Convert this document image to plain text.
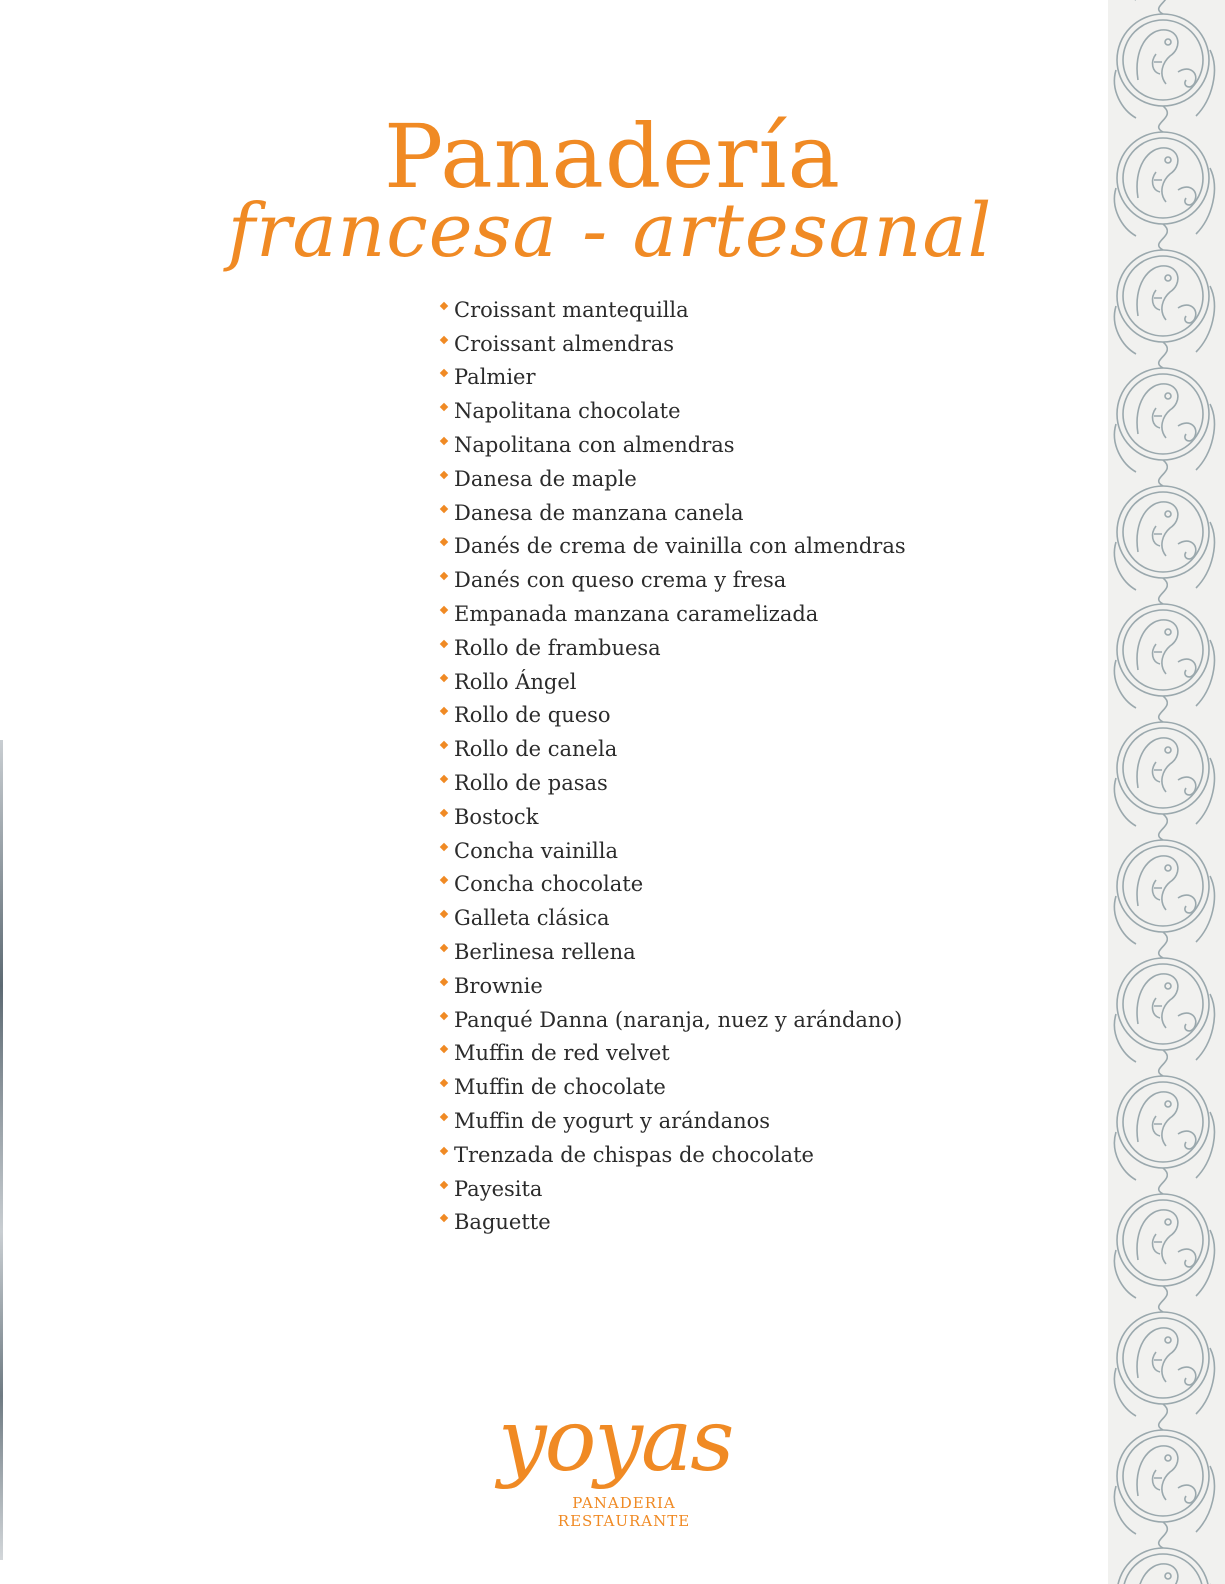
Panadería
francesa - artesanal
Croissant mantequilla
Croissant almendras
Palmier
Napolitana chocolate
Napolitana con almendras
Danesa de maple
Danesa de manzana canela
Danés de crema de vainilla con almendras
Danés con queso crema y fresa
Empanada manzana caramelizada
Rollo de frambuesa
Rollo Ángel
Rollo de queso
Rollo de canela
Rollo de pasas
Bostock
Concha vainilla
Concha chocolate
Galleta clásica
Berlinesa rellena
Brownie
Panqué Danna (naranja, nuez y arándano)
Muffin de red velvet
Muffin de chocolate
Muffin de yogurt y arándanos
Trenzada de chispas de chocolate
Payesita
Baguette
yoyas
PANADERIA
RESTAURANTE
